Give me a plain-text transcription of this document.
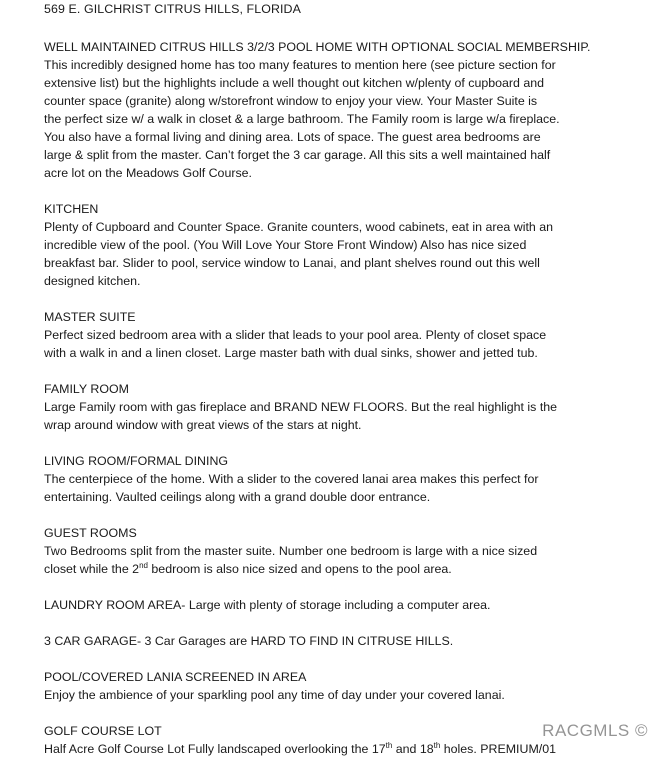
569 E. GILCHRIST CITRUS HILLS, FLORIDA
WELL MAINTAINED CITRUS HILLS 3/2/3 POOL HOME WITH OPTIONAL SOCIAL MEMBERSHIP.
This incredibly designed home has too many features to mention here (see picture section for
extensive list) but the highlights include a well thought out kitchen w/plenty of cupboard and
counter space (granite) along w/storefront window to enjoy your view. Your Master Suite is
the perfect size w/ a walk in closet & a large bathroom. The Family room is large w/a fireplace.
You also have a formal living and dining area. Lots of space. The guest area bedrooms are
large & split from the master. Can’t forget the 3 car garage. All this sits a well maintained half
acre lot on the Meadows Golf Course.
KITCHEN
Plenty of Cupboard and Counter Space. Granite counters, wood cabinets, eat in area with an
incredible view of the pool. (You Will Love Your Store Front Window) Also has nice sized
breakfast bar. Slider to pool, service window to Lanai, and plant shelves round out this well
designed kitchen.
MASTER SUITE
Perfect sized bedroom area with a slider that leads to your pool area. Plenty of closet space
with a walk in and a linen closet. Large master bath with dual sinks, shower and jetted tub.
FAMILY ROOM
Large Family room with gas fireplace and BRAND NEW FLOORS. But the real highlight is the
wrap around window with great views of the stars at night.
LIVING ROOM/FORMAL DINING
The centerpiece of the home. With a slider to the covered lanai area makes this perfect for
entertaining. Vaulted ceilings along with a grand double door entrance.
GUEST ROOMS
Two Bedrooms split from the master suite. Number one bedroom is large with a nice sized
closet while the 2nd bedroom is also nice sized and opens to the pool area.
LAUNDRY ROOM AREA- Large with plenty of storage including a computer area.
3 CAR GARAGE- 3 Car Garages are HARD TO FIND IN CITRUSE HILLS.
POOL/COVERED LANIA SCREENED IN AREA
Enjoy the ambience of your sparkling pool any time of day under your covered lanai.
GOLF COURSE LOT
Half Acre Golf Course Lot Fully landscaped overlooking the 17th and 18th holes. PREMIUM/01
RACGMLS ©
